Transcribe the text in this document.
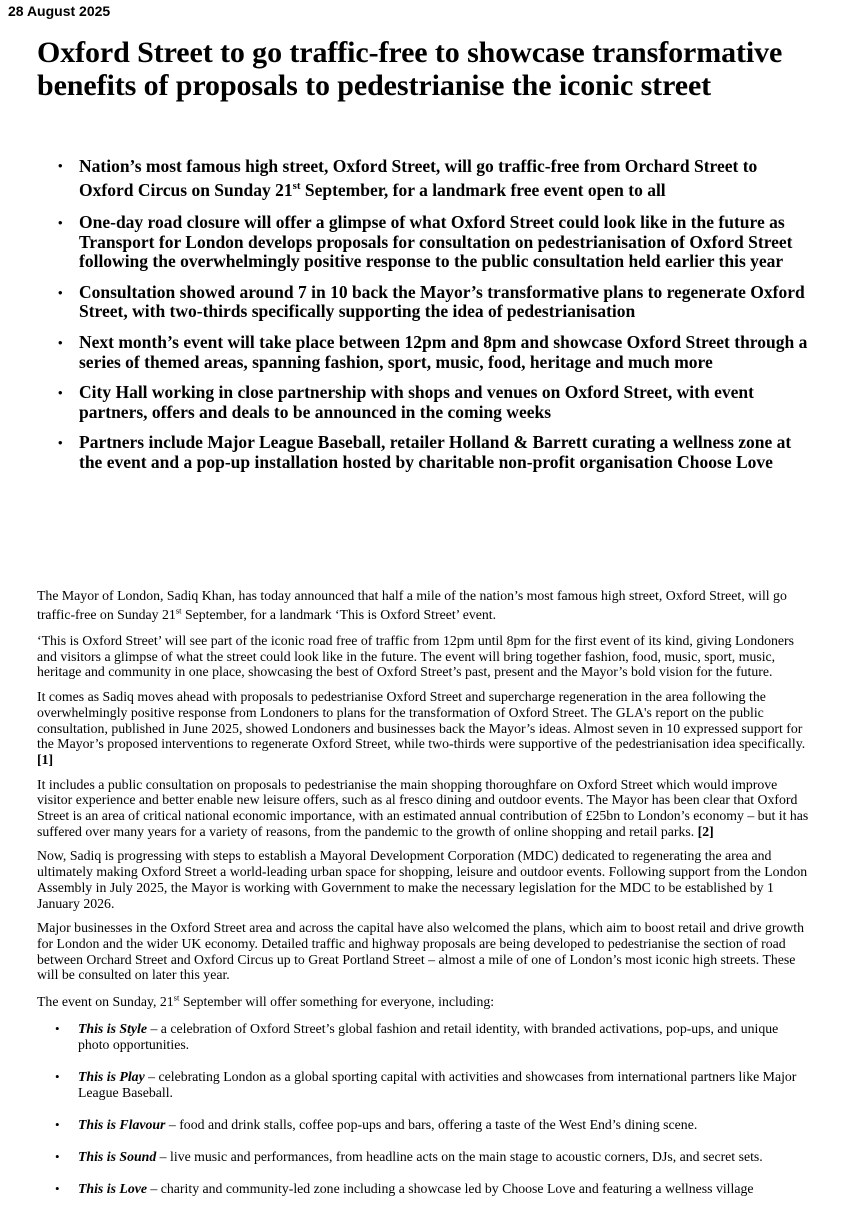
28 August 2025
Oxford Street to go traffic-free to showcase transformative benefits of proposals to pedestrianise the iconic street
• Nation’s most famous high street, Oxford Street, will go traffic-free from Orchard Street to Oxford Circus on Sunday 21st September, for a landmark free event open to all
• One-day road closure will offer a glimpse of what Oxford Street could look like in the future as Transport for London develops proposals for consultation on pedestrianisation of Oxford Street following the overwhelmingly positive response to the public consultation held earlier this year
• Consultation showed around 7 in 10 back the Mayor’s transformative plans to regenerate Oxford Street, with two-thirds specifically supporting the idea of pedestrianisation
• Next month’s event will take place between 12pm and 8pm and showcase Oxford Street through a series of themed areas, spanning fashion, sport, music, food, heritage and much more
• City Hall working in close partnership with shops and venues on Oxford Street, with event partners, offers and deals to be announced in the coming weeks
• Partners include Major League Baseball, retailer Holland & Barrett curating a wellness zone at the event and a pop-up installation hosted by charitable non-profit organisation Choose Love

The Mayor of London, Sadiq Khan, has today announced that half a mile of the nation’s most famous high street, Oxford Street, will go traffic-free on Sunday 21st September, for a landmark ‘This is Oxford Street’ event.

‘This is Oxford Street’ will see part of the iconic road free of traffic from 12pm until 8pm for the first event of its kind, giving Londoners and visitors a glimpse of what the street could look like in the future. The event will bring together fashion, food, music, sport, music, heritage and community in one place, showcasing the best of Oxford Street’s past, present and the Mayor’s bold vision for the future.

It comes as Sadiq moves ahead with proposals to pedestrianise Oxford Street and supercharge regeneration in the area following the overwhelmingly positive response from Londoners to plans for the transformation of Oxford Street. The GLA's report on the public consultation, published in June 2025, showed Londoners and businesses back the Mayor’s ideas. Almost seven in 10 expressed support for the Mayor’s proposed interventions to regenerate Oxford Street, while two-thirds were supportive of the pedestrianisation idea specifically. [1]

It includes a public consultation on proposals to pedestrianise the main shopping thoroughfare on Oxford Street which would improve visitor experience and better enable new leisure offers, such as al fresco dining and outdoor events. The Mayor has been clear that Oxford Street is an area of critical national economic importance, with an estimated annual contribution of £25bn to London’s economy – but it has suffered over many years for a variety of reasons, from the pandemic to the growth of online shopping and retail parks. [2]

Now, Sadiq is progressing with steps to establish a Mayoral Development Corporation (MDC) dedicated to regenerating the area and ultimately making Oxford Street a world-leading urban space for shopping, leisure and outdoor events. Following support from the London Assembly in July 2025, the Mayor is working with Government to make the necessary legislation for the MDC to be established by 1 January 2026.

Major businesses in the Oxford Street area and across the capital have also welcomed the plans, which aim to boost retail and drive growth for London and the wider UK economy. Detailed traffic and highway proposals are being developed to pedestrianise the section of road between Orchard Street and Oxford Circus up to Great Portland Street – almost a mile of one of London’s most iconic high streets. These will be consulted on later this year.

The event on Sunday, 21st September will offer something for everyone, including:

• This is Style – a celebration of Oxford Street’s global fashion and retail identity, with branded activations, pop-ups, and unique photo opportunities.
• This is Play – celebrating London as a global sporting capital with activities and showcases from international partners like Major League Baseball.
• This is Flavour – food and drink stalls, coffee pop-ups and bars, offering a taste of the West End’s dining scene.
• This is Sound – live music and performances, from headline acts on the main stage to acoustic corners, DJs, and secret sets.
• This is Love – charity and community-led zone including a showcase led by Choose Love and featuring a wellness village
